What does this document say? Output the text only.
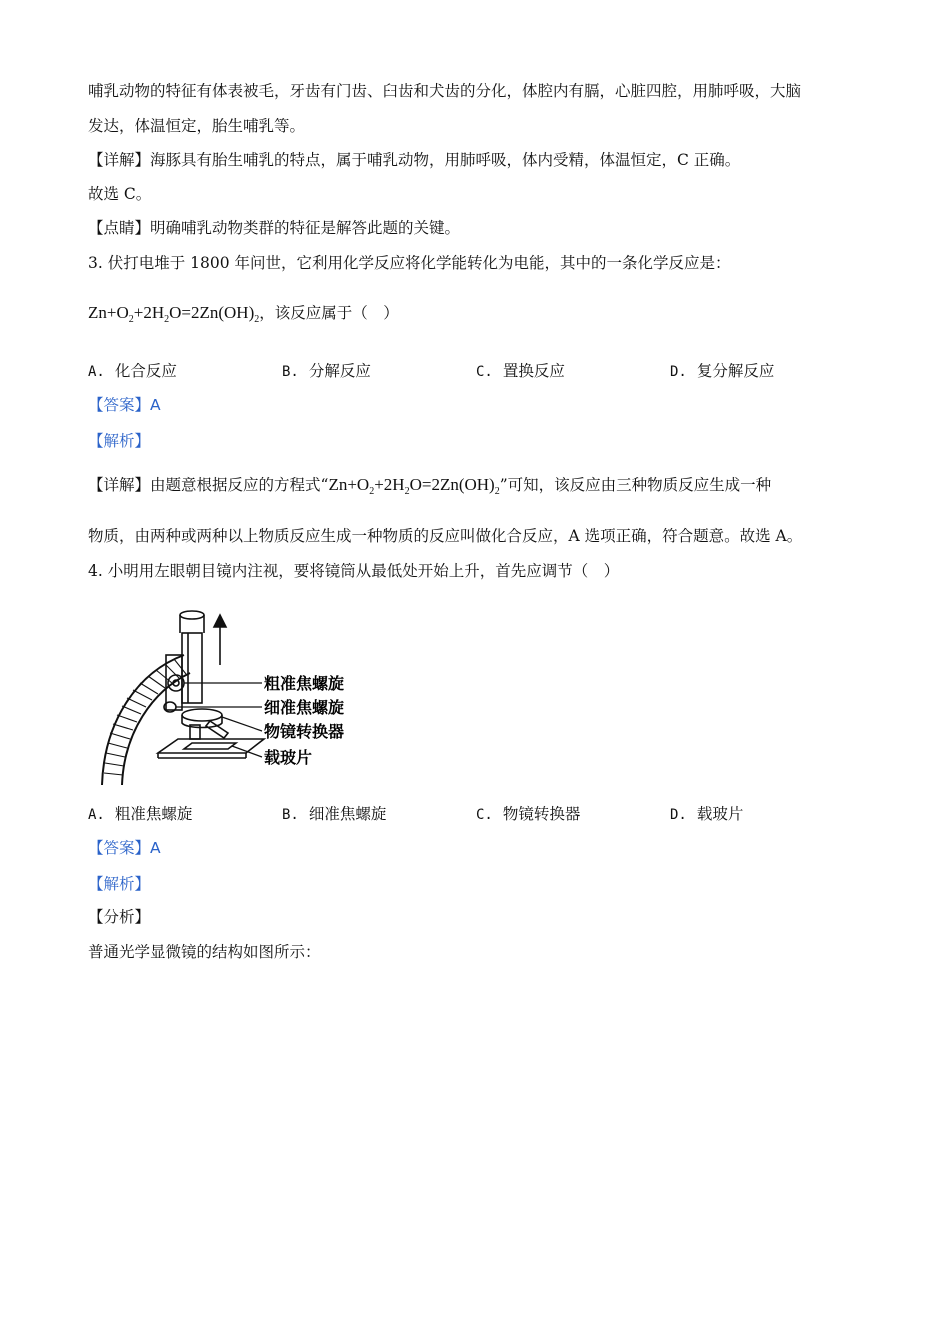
哺乳动物的特征有体表被毛，牙齿有门齿、臼齿和犬齿的分化，体腔内有膈，心脏四腔，用肺呼吸，大脑
发达，体温恒定，胎生哺乳等。
【详解】海豚具有胎生哺乳的特点，属于哺乳动物，用肺呼吸，体内受精，体温恒定，C 正确。
故选 C。
【点睛】明确哺乳动物类群的特征是解答此题的关键。
3. 伏打电堆于 1800 年问世，它利用化学反应将化学能转化为电能，其中的一条化学反应是：
$Zn+O_2+2H_2O=2Zn(OH)_2$，该反应属于（　）
A. 化合反应	B. 分解反应	C. 置换反应	D. 复分解反应
【答案】A
【解析】
【详解】由题意根据反应的方程式“$Zn+O_2+2H_2O=2Zn(OH)_2$”可知，该反应由三种物质反应生成一种
物质，由两种或两种以上物质反应生成一种物质的反应叫做化合反应，A 选项正确，符合题意。故选 A。
4. 小明用左眼朝目镜内注视，要将镜筒从最低处开始上升，首先应调节（　）
粗准焦螺旋
细准焦螺旋
物镜转换器
载玻片
A. 粗准焦螺旋	B. 细准焦螺旋	C. 物镜转换器	D. 载玻片
【答案】A
【解析】
【分析】
普通光学显微镜的结构如图所示：
